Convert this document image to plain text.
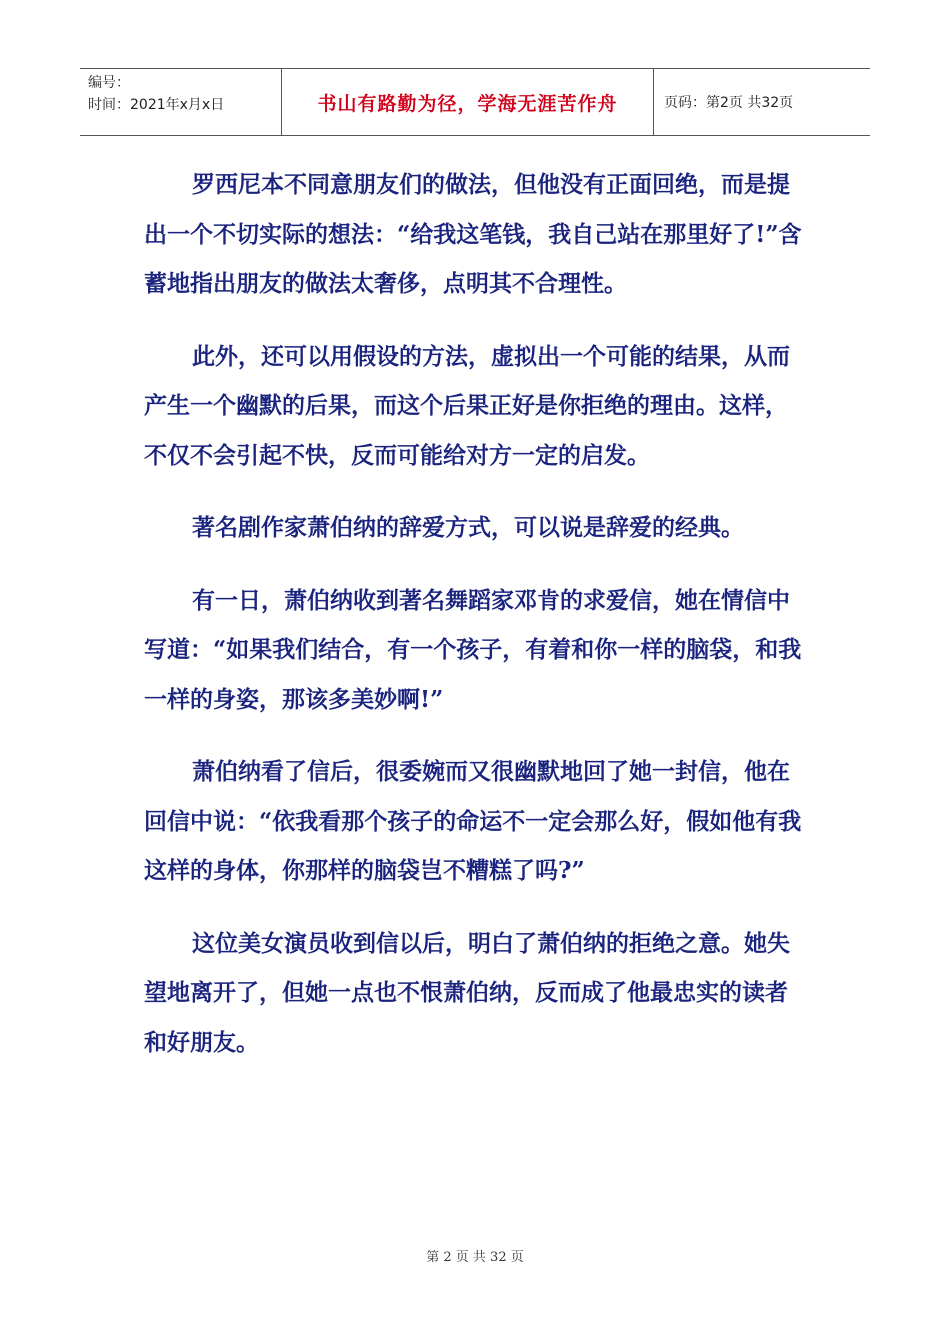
编号：
时间：2021年x月x日	书山有路勤为径，学海无涯苦作舟	页码：第2页 共32页

罗西尼本不同意朋友们的做法，但他没有正面回绝，而是提出一个不切实际的想法：“给我这笔钱，我自己站在那里好了!”含蓄地指出朋友的做法太奢侈，点明其不合理性。

此外，还可以用假设的方法，虚拟出一个可能的结果，从而产生一个幽默的后果，而这个后果正好是你拒绝的理由。这样，不仅不会引起不快，反而可能给对方一定的启发。

著名剧作家萧伯纳的辞爱方式，可以说是辞爱的经典。

有一日，萧伯纳收到著名舞蹈家邓肯的求爱信，她在情信中写道：“如果我们结合，有一个孩子，有着和你一样的脑袋，和我一样的身姿，那该多美妙啊!”

萧伯纳看了信后，很委婉而又很幽默地回了她一封信，他在回信中说：“依我看那个孩子的命运不一定会那么好，假如他有我这样的身体，你那样的脑袋岂不糟糕了吗?”

这位美女演员收到信以后，明白了萧伯纳的拒绝之意。她失望地离开了，但她一点也不恨萧伯纳，反而成了他最忠实的读者和好朋友。

第 2 页 共 32 页
